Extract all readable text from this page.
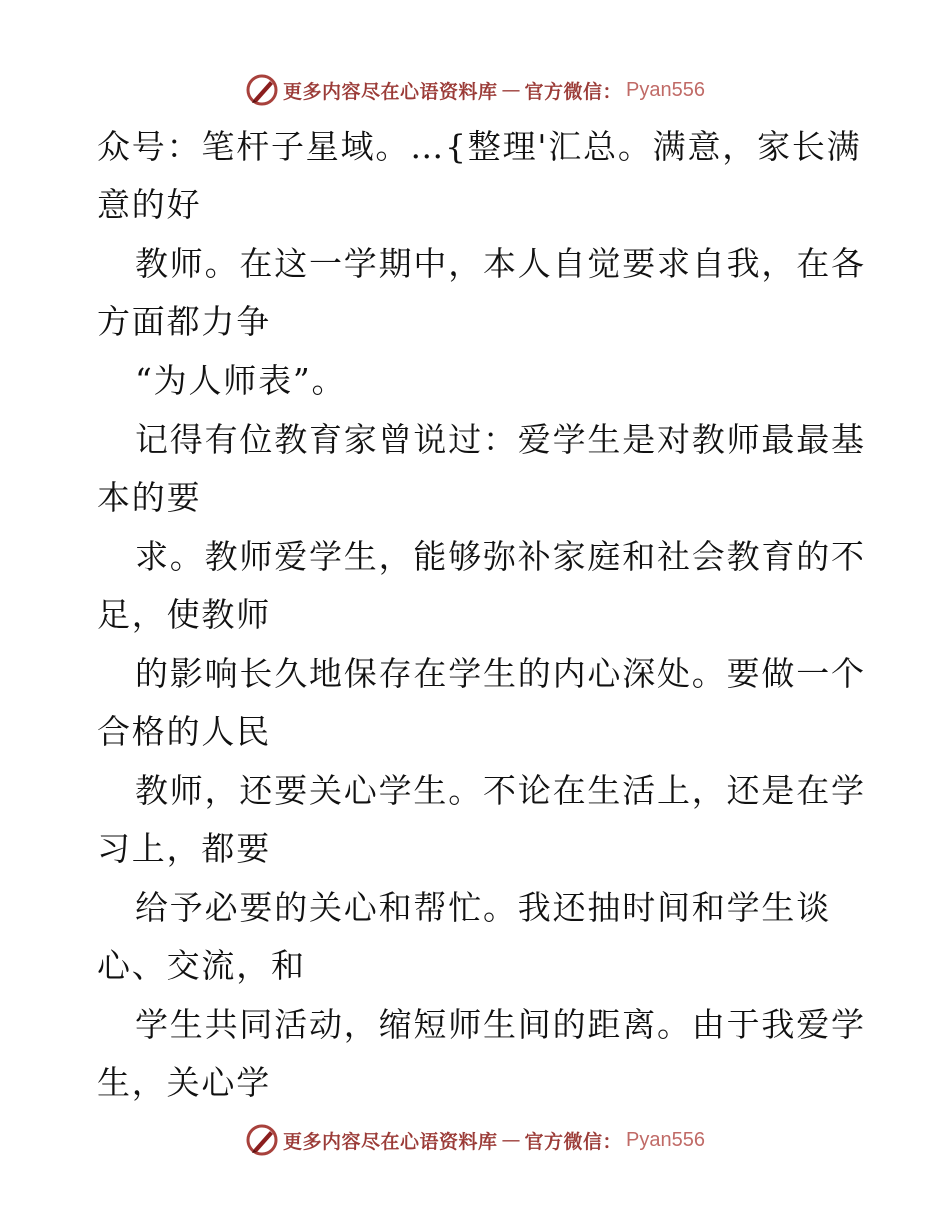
更多内容尽在心语资料库 — 官方微信： Pyan556
众号：笔杆子星域。…{整理'汇总。满意，家长满
意的好
教师。在这一学期中，本人自觉要求自我，在各
方面都力争
“为人师表”。
记得有位教育家曾说过：爱学生是对教师最最基
本的要
求。教师爱学生，能够弥补家庭和社会教育的不
足，使教师
的影响长久地保存在学生的内心深处。要做一个
合格的人民
教师，还要关心学生。不论在生活上，还是在学
习上，都要
给予必要的关心和帮忙。我还抽时间和学生谈
心、交流，和
学生共同活动，缩短师生间的距离。由于我爱学
生，关心学
更多内容尽在心语资料库 — 官方微信： Pyan556
